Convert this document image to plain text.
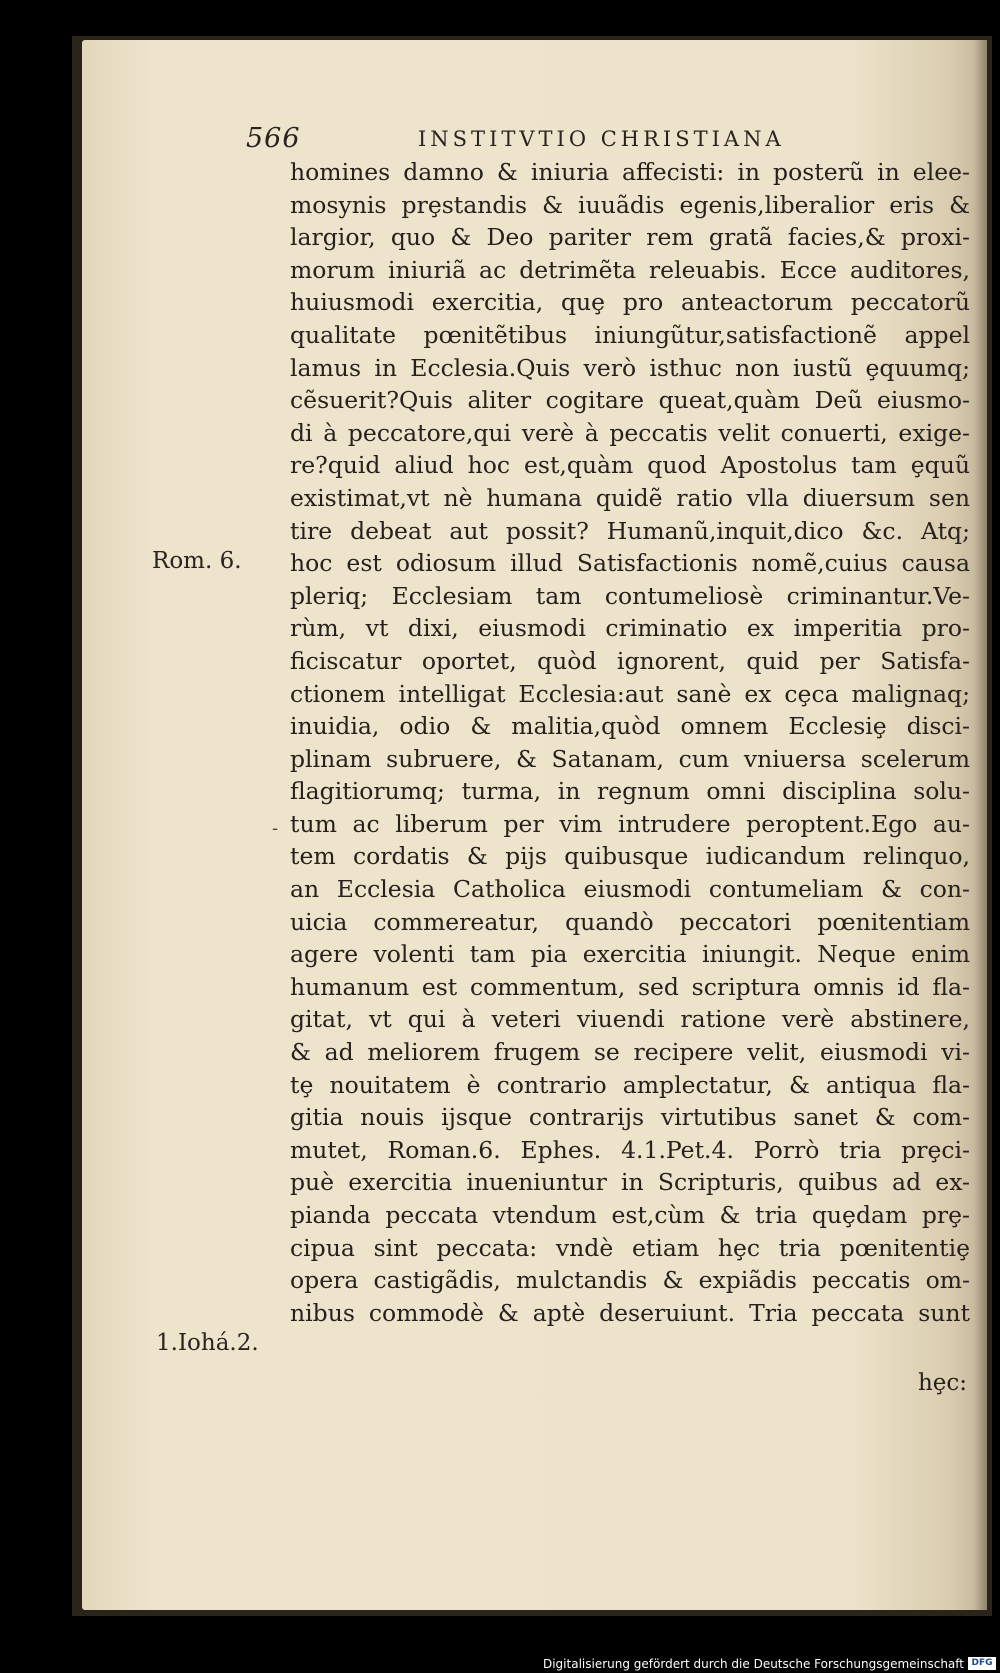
566	INSTITVTIO CHRISTIANA
Rom. 6.
1.Iohá.2.
-
homines damno & iniuria affecisti: in posterũ in elee-
mosynis prȩstandis & iuuãdis egenis,liberalior eris &
largior, quo & Deo pariter rem gratã facies,& proxi-
morum iniuriã ac detrimẽta releuabis. Ecce auditores,
huiusmodi exercitia, quȩ pro anteactorum peccatorũ
qualitate pœnitẽtibus iniungũtur,satisfactionẽ appel
lamus in Ecclesia.Quis verò isthuc non iustũ ȩquumq;
cẽsuerit?Quis aliter cogitare queat,quàm Deũ eiusmo-
di à peccatore,qui verè à peccatis velit conuerti, exige-
re?quid aliud hoc est,quàm quod Apostolus tam ȩquũ
existimat,vt nè humana quidẽ ratio vlla diuersum sen
tire debeat aut possit? Humanũ,inquit,dico &c. Atq;
hoc est odiosum illud Satisfactionis nomẽ,cuius causa
pleriq; Ecclesiam tam contumeliosè criminantur.Ve-
rùm, vt dixi, eiusmodi criminatio ex imperitia pro-
ficiscatur oportet, quòd ignorent, quid per Satisfa-
ctionem intelligat Ecclesia:aut sanè ex cȩca malignaq;
inuidia, odio & malitia,quòd omnem Ecclesiȩ disci-
plinam subruere, & Satanam, cum vniuersa scelerum
flagitiorumq; turma, in regnum omni disciplina solu-
tum ac liberum per vim intrudere peroptent.Ego au-
tem cordatis & pijs quibusque iudicandum relinquo,
an Ecclesia Catholica eiusmodi contumeliam & con-
uicia commereatur, quandò peccatori pœnitentiam
agere volenti tam pia exercitia iniungit. Neque enim
humanum est commentum, sed scriptura omnis id fla-
gitat, vt qui à veteri viuendi ratione verè abstinere,
& ad meliorem frugem se recipere velit, eiusmodi vi-
tȩ nouitatem è contrario amplectatur, & antiqua fla-
gitia nouis ijsque contrarijs virtutibus sanet & com-
mutet, Roman.6. Ephes. 4.1.Pet.4. Porrò tria prȩci-
puè exercitia inueniuntur in Scripturis, quibus ad ex-
pianda peccata vtendum est,cùm & tria quȩdam prȩ-
cipua sint peccata: vndè etiam hȩc tria pœnitentiȩ
opera castigãdis, mulctandis & expiãdis peccatis om-
nibus commodè & aptè deseruiunt. Tria peccata sunt
hȩc:
Digitalisierung gefördert durch die Deutsche Forschungsgemeinschaft DFG
